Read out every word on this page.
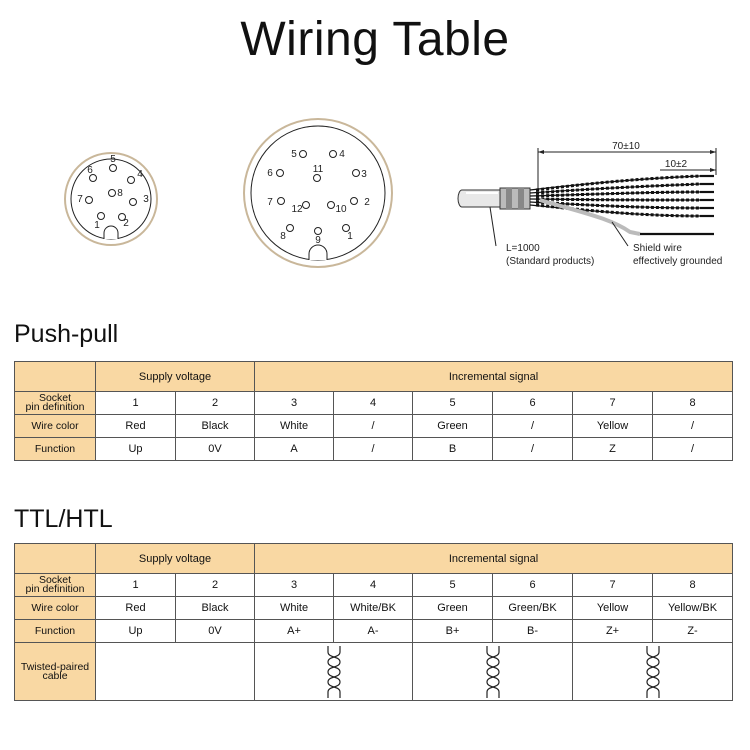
Wiring Table
1 2
3
4
5
6
7
8
1
2
3
4
5
6
7
8	9
10
11
12
70±10
10±2
L=1000
(Standard products)
Shield wire
effectively grounded
Push-pull
	Supply voltage		Incremental signal					
Socket
pin definition	1	2	3	4	5	6	7	8
Wire color	Red	Black	White	/	Green	/	Yellow	/
Function	Up	0V	A	/	B	/	Z	/
TTL/HTL
	Supply voltage		Incremental signal					
Socket
pin definition	1	2	3	4	5	6	7	8
Wire color	Red	Black	White	White/BK	Green	Green/BK	Yellow	Yellow/BK
Function	Up	0V	A+	A-	B+	B-	Z+	Z-
Twisted-paired
cable		
